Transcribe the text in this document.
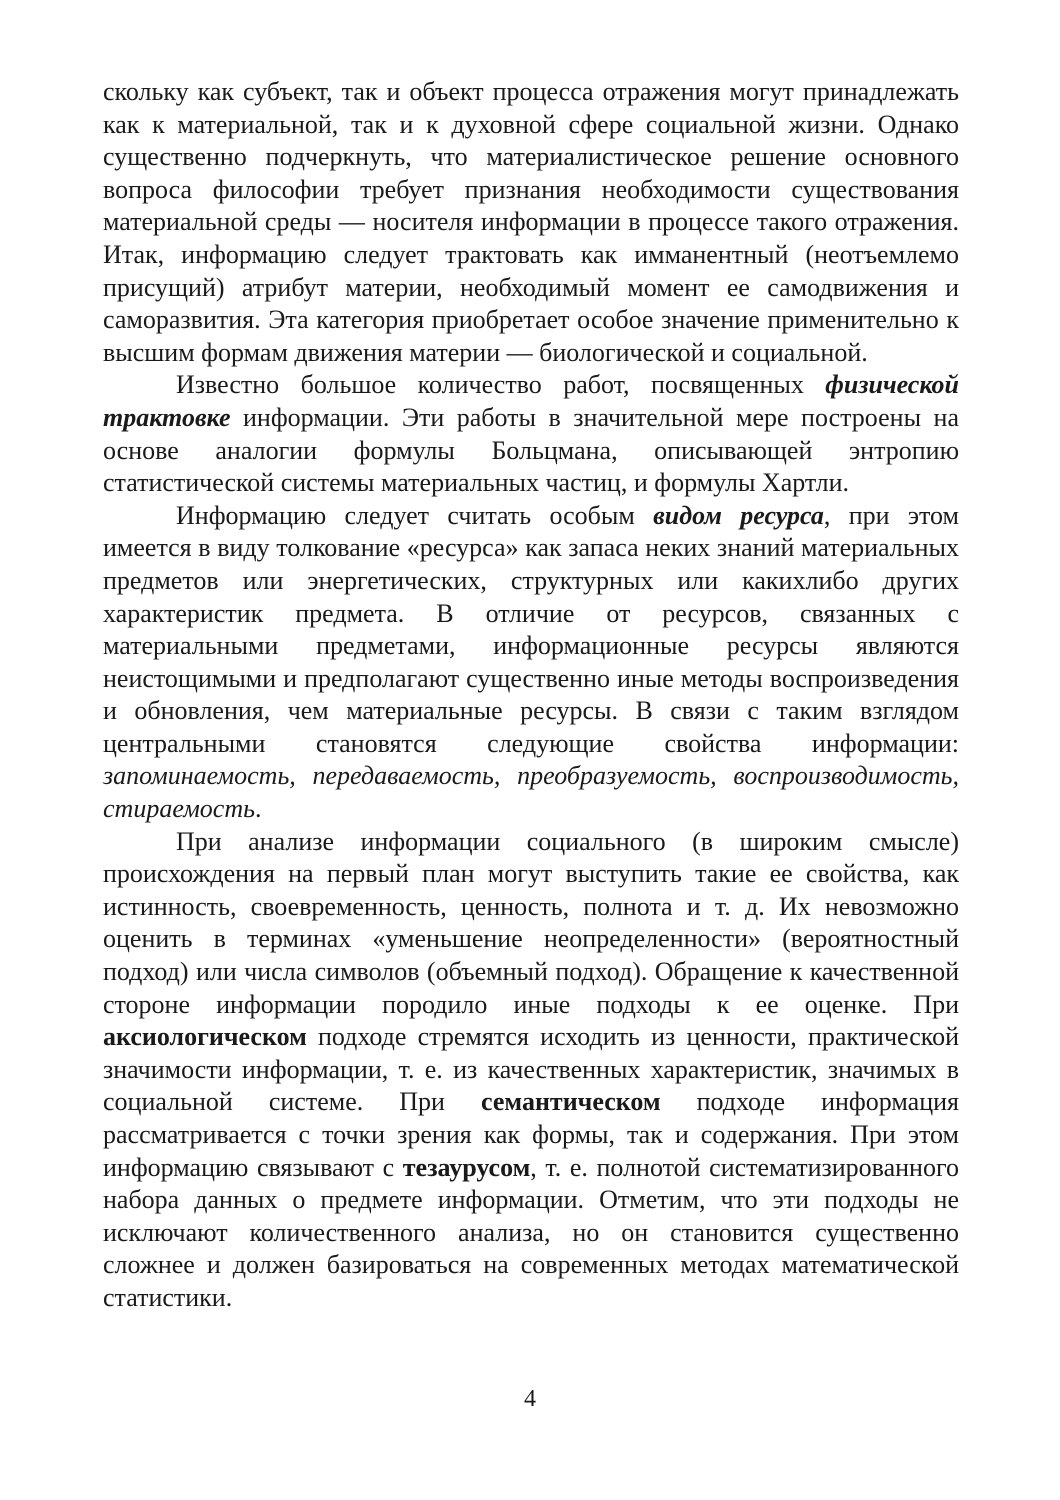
скольку как субъект, так и объект процесса отражения могут принадлежать как к материальной, так и к духовной сфере социальной жизни. Однако существенно подчеркнуть, что материалистическое решение основного вопроса философии требует признания необходимости существования материальной среды — носителя информации в процессе такого отражения. Итак, информацию следует трактовать как имманентный (неотъемлемо присущий) атрибут материи, необходимый момент ее самодвижения и саморазвития. Эта категория приобретает особое значение применительно к высшим формам движения материи — биологической и социальной.

Известно большое количество работ, посвященных физической трактовке информации. Эти работы в значительной мере построены на основе аналогии формулы Больцмана, описывающей энтропию статистической системы материальных частиц, и формулы Хартли.

Информацию следует считать особым видом ресурса, при этом имеется в виду толкование «ресурса» как запаса неких знаний материальных предметов или энергетических, структурных или какихлибо других характеристик предмета. В отличие от ресурсов, связанных с материальными предметами, информационные ресурсы являются неистощимыми и предполагают существенно иные методы воспроизведения и обновления, чем материальные ресурсы. В связи с таким взглядом центральными становятся следующие свойства информации: запоминаемость, передаваемость, преобразуемость, воспроизводимость, стираемость.

При анализе информации социального (в широким смысле) происхождения на первый план могут выступить такие ее свойства, как истинность, своевременность, ценность, полнота и т. д. Их невозможно оценить в терминах «уменьшение неопределенности» (вероятностный подход) или числа символов (объемный подход). Обращение к качественной стороне информации породило иные подходы к ее оценке. При аксиологическом подходе стремятся исходить из ценности, практической значимости информации, т. е. из качественных характеристик, значимых в социальной системе. При семантическом подходе информация рассматривается с точки зрения как формы, так и содержания. При этом информацию связывают с тезаурусом, т. е. полнотой систематизированного набора данных о предмете информации. Отметим, что эти подходы не исключают количественного анализа, но он становится существенно сложнее и должен базироваться на современных методах математической статистики.

4
